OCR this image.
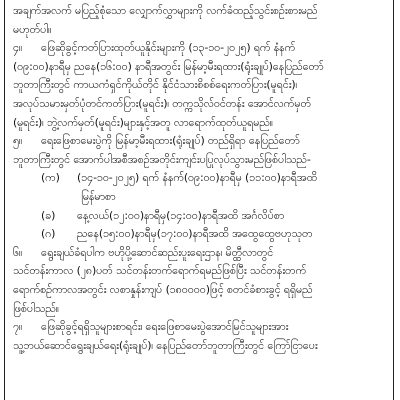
အချက်အလက် မပြည့်စုံသော လျှောက်လွှာများကို လက်ခံထည့်သွင်းစဉ်းစားမည်
မဟုတ်ပါ။
၄။ ဖြေဆိုခွင့်ကတ်ပြားထုတ်ယူနိုင်းများကို (၁၃-၁၀-၂၀၂၅) ရက် နံနက်
(၀၉:၀၀)နာရီမှ ညနေ(၁၆:၀၀) နာရီအတွင်း မြန်မာ့မီးရထား(ရုံးချုပ်)နေပြည်တော်
ဘူတာကြီးတွင် ကာယကံရှင်ကိုယ်တိုင် နိုင်ငံသားစိစစ်ရေးကတ်ပြား(မူရင်း)၊
အလုပ်သမားမှတ်ပုံတင်ကတ်ပြား(မူရင်း)၊ တက္ကသိုလ်ဝင်တန်း အောင်လက်မှတ်
(မူရင်း)၊ ဘွဲ့လက်မှတ်(မူရင်း)များနှင့်အတူ လာရောက်ထုတ်ယူရမည်။
၅။ ရေးဖြေစာမေးပွဲကို မြန်မာ့မီးရထား(ရုံးချုပ်) တည်ရှိရာ နေပြည်တော်
ဘူတာကြီးတွင် အောက်ပါအစီအစဉ်အတိုင်းကျင်းပပြုလုပ်သွားမည်ဖြစ်ပါသည်-
(က) (၁၄-၁၀-၂၀၂၅) ရက် နံနက်(၀၉:၀၀)နာရီမှ (၁၁:၀၀)နာရီအထိ
မြန်မာစာ
(ခ) နေ့လယ်(၁၂:၀၀)နာရီမှ(၁၄:၀၀)နာရီအထိ အင်္ဂလိပ်စာ
(ဂ) ညနေ(၁၅:၀၀)နာရီမှ(၁၇:၀၀)နာရီအထိ အထွေထွေဗဟုသုတ
၆။ ရွေးချယ်ခံရပါက ဗဟိုပို့ဆောင်ဆည်းပူးရေးဌာန၊ မိတ္ထီလာတွင်
သင်တန်းကာလ (၂၈)ပတ် သင်တန်းတက်ရောက်ရမည်ဖြစ်ပြီး သင်တန်းတက်
ရောက်စဉ်ကာလအတွင်း လစာနှုန်းကျပ် (၁၈၀၀၀၀)ဖြင့် စတင်ခံစားခွင့် ရရှိမည်
ဖြစ်ပါသည်။
၇။ ဖြေဆိုခွင့်ရရှိသူများစာရင်း၊ ရေးဖြေစာမေးပွဲအောင်မြင်သူများအား
သူ့ဘယ်ဆောင်ရွေးချယ်ရေး(ရုံးချုပ်)၊ နေပြည်တော်ဘူတာကြီးတွင် ကြော်ငြာပေး
